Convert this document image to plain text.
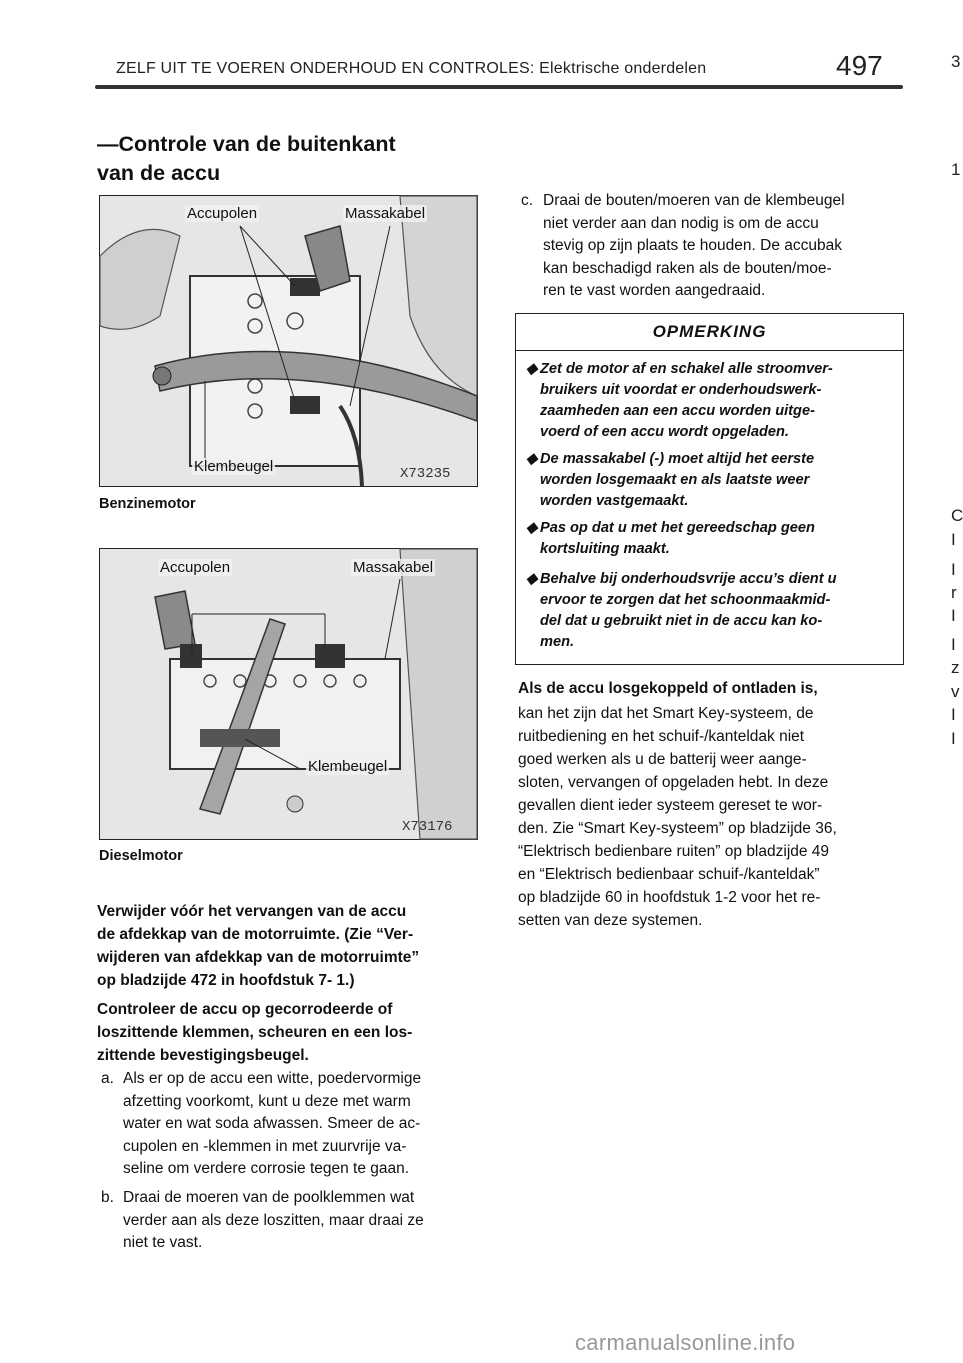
ZELF UIT TE VOEREN ONDERHOUD EN CONTROLES: Elektrische onderdelen	497
—Controle van de buitenkant
van de accu
Accupolen	Massakabel
Klembeugel	X73235
Benzinemotor
Accupolen	Massakabel
Klembeugel
X73176
Dieselmotor
Verwijder vóór het vervangen van de accu
de afdekkap van de motorruimte. (Zie “Ver-
wijderen van afdekkap van de motorruimte”
op bladzijde 472 in hoofdstuk 7- 1.)
Controleer de accu op gecorrodeerde of
loszittende klemmen, scheuren en een los-
zittende bevestigingsbeugel.
a. Als er op de accu een witte, poedervormige
afzetting voorkomt, kunt u deze met warm
water en wat soda afwassen. Smeer de ac-
cupolen en -klemmen in met zuurvrije va-
seline om verdere corrosie tegen te gaan.
b. Draai de moeren van de poolklemmen wat
verder aan als deze loszitten, maar draai ze
niet te vast.
c. Draai de bouten/moeren van de klembeugel
niet verder aan dan nodig is om de accu
stevig op zijn plaats te houden. De accubak
kan beschadigd raken als de bouten/moe-
ren te vast worden aangedraaid.
OPMERKING
◆ Zet de motor af en schakel alle stroomver-
bruikers uit voordat er onderhoudswerk-
zaamheden aan een accu worden uitge-
voerd of een accu wordt opgeladen.
◆ De massakabel (-) moet altijd het eerste
worden losgemaakt en als laatste weer
worden vastgemaakt.
◆ Pas op dat u met het gereedschap geen
kortsluiting maakt.
◆ Behalve bij onderhoudsvrije accu’s dient u
ervoor te zorgen dat het schoonmaakmid-
del dat u gebruikt niet in de accu kan ko-
men.
Als de accu losgekoppeld of ontladen is,
kan het zijn dat het Smart Key-systeem, de
ruitbediening en het schuif-/kanteldak niet
goed werken als u de batterij weer aange-
sloten, vervangen of opgeladen hebt. In deze
gevallen dient ieder systeem gereset te wor-
den. Zie “Smart Key-systeem” op bladzijde 36,
“Elektrisch bedienbare ruiten” op bladzijde 49
en “Elektrisch bedienbaar schuif-/kanteldak”
op bladzijde 60 in hoofdstuk 1-2 voor het re-
setten van deze systemen.
3
1
C
I
I
r
I
I
z
v
I
I
carmanualsonline.info
